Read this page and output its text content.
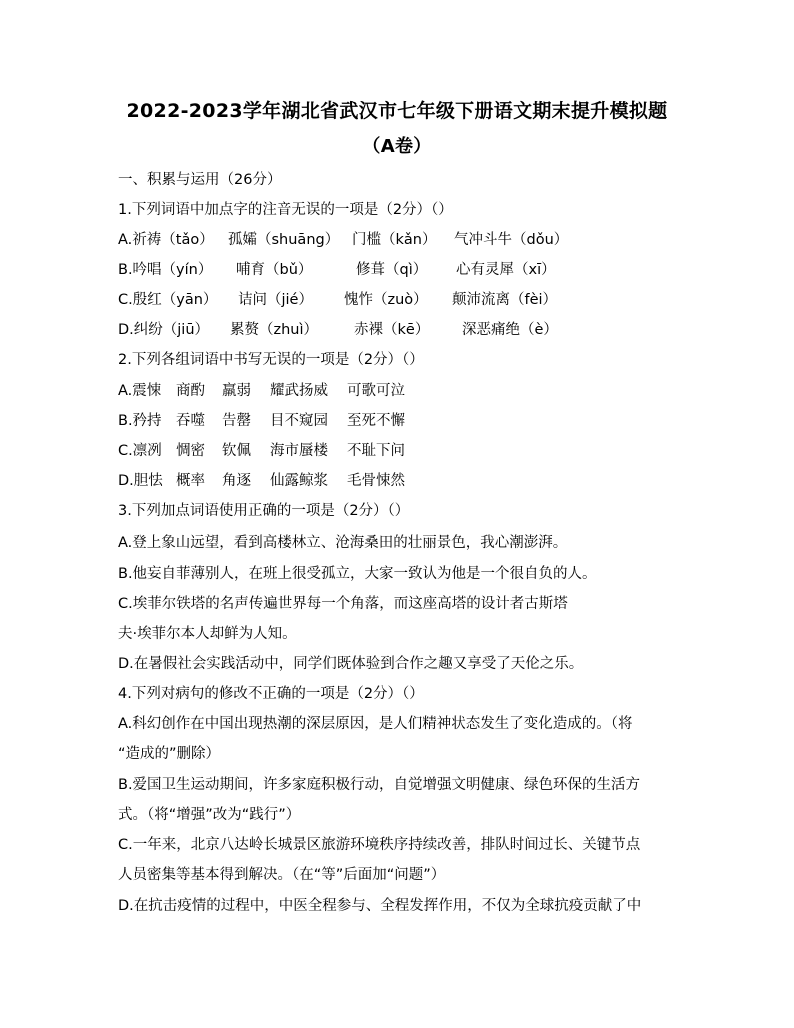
2022-2023学年湖北省武汉市七年级下册语文期末提升模拟题
（A卷）
一、积累与运用（26分）
1.下列词语中加点字的注音无误的一项是（2分）（）
A.祈祷（tǎo） 孤孀（shuāng） 门槛（kǎn） 气冲斗牛（dǒu）
B.吟唱（yín） 哺育（bǔ）	修葺（qì） 心有灵犀（xī）
C.殷红（yān） 诘问（jié） 愧怍（zuò） 颠沛流离（fèi）
D.纠纷（jiū） 累赘（zhuì） 赤裸（kē） 深恶痛绝（è）
2.下列各组词语中书写无误的一项是（2分）（）
A.震悚 商酌 羸弱 耀武扬威 可歌可泣
B.矜持 吞噬 告罄 目不窥园 至死不懈
C.凛冽 惆密 钦佩 海市蜃楼 不耻下问
D.胆怯 概率 角逐 仙露鲸浆 毛骨悚然
3.下列加点词语使用正确的一项是（2分）（）
A.登上象山远望，看到高楼林立、沧海桑田的壮丽景色，我心潮澎湃。
B.他妄自菲薄别人，在班上很受孤立，大家一致认为他是一个很自负的人。
C.埃菲尔铁塔的名声传遍世界每一个角落，而这座高塔的设计者古斯塔
夫·埃菲尔本人却鲜为人知。
D.在暑假社会实践活动中，同学们既体验到合作之趣又享受了天伦之乐。
4.下列对病句的修改不正确的一项是（2分）（）
A.科幻创作在中国出现热潮的深层原因，是人们精神状态发生了变化造成的。（将
“造成的”删除）
B.爱国卫生运动期间，许多家庭积极行动，自觉增强文明健康、绿色环保的生活方
式。（将“增强”改为“践行”）
C.一年来，北京八达岭长城景区旅游环境秩序持续改善，排队时间过长、关键节点
人员密集等基本得到解决。（在“等”后面加“问题”）
D.在抗击疫情的过程中，中医全程参与、全程发挥作用，不仅为全球抗疫贡献了中
